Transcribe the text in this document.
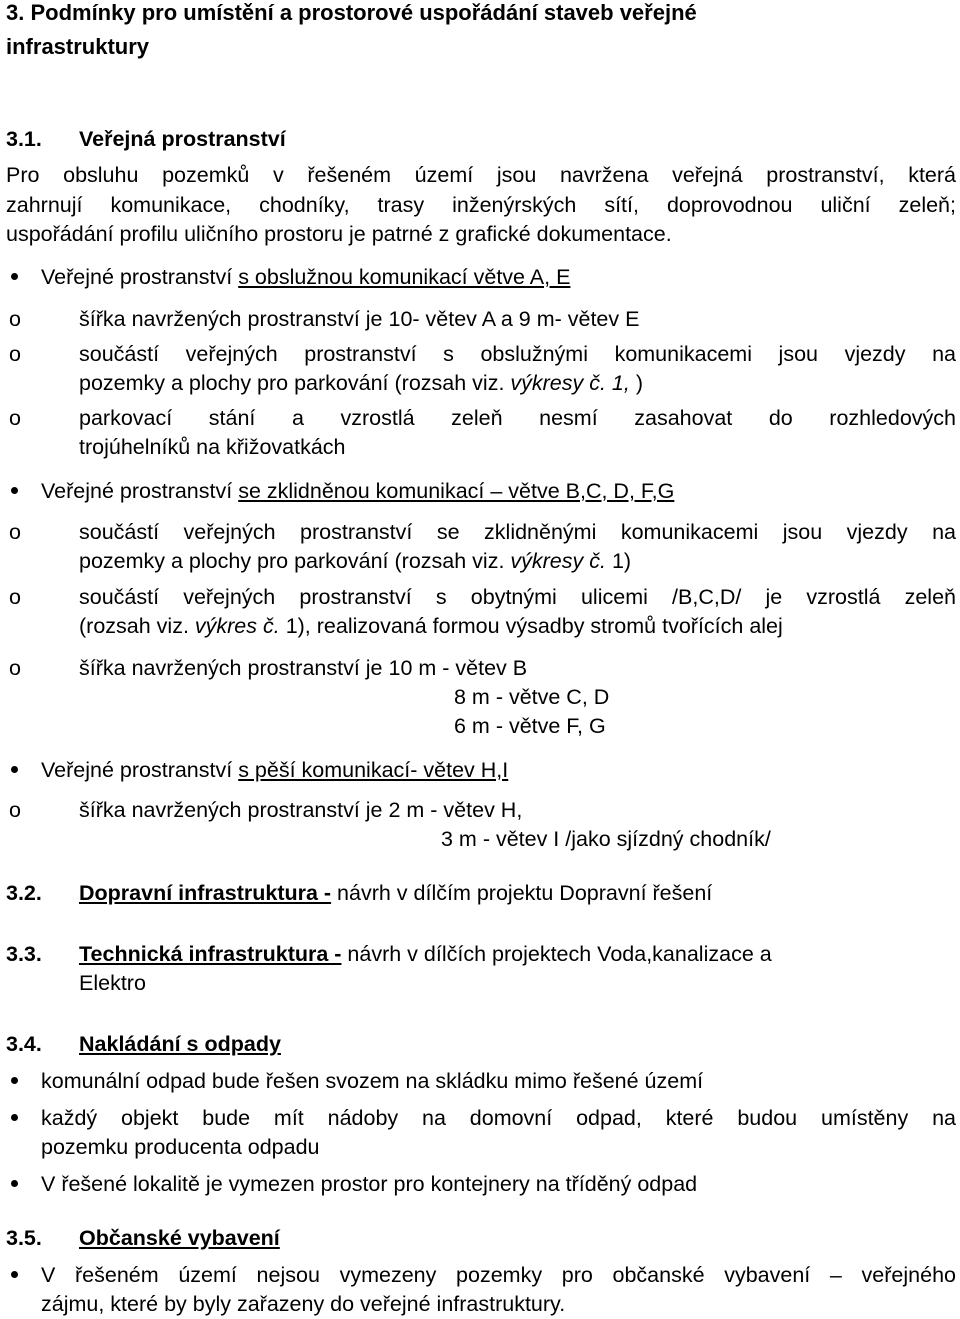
3. Podmínky pro umístění a prostorové uspořádání staveb veřejné
infrastruktury
3.1. Veřejná prostranství
Pro obsluhu pozemků v řešeném území jsou navržena veřejná prostranství, která
zahrnují komunikace, chodníky, trasy inženýrských sítí, doprovodnou uliční zeleň;
uspořádání profilu uličního prostoru je patrné z grafické dokumentace.
Veřejné prostranství s obslužnou komunikací větve A, E
o	šířka navržených prostranství je 10- větev A a 9 m- větev E
o	součástí veřejných prostranství s obslužnými komunikacemi jsou vjezdy na
pozemky a plochy pro parkování (rozsah viz. výkresy č. 1, )
o	parkovací stání a vzrostlá zeleň nesmí zasahovat do rozhledových
trojúhelníků na křižovatkách
Veřejné prostranství se zklidněnou komunikací – větve B,C, D, F,G
o	součástí veřejných prostranství se zklidněnými komunikacemi jsou vjezdy na
pozemky a plochy pro parkování (rozsah viz. výkresy č. 1)
o	součástí veřejných prostranství s obytnými ulicemi /B,C,D/ je vzrostlá zeleň
(rozsah viz. výkres č. 1), realizovaná formou výsadby stromů tvořících alej
o	šířka navržených prostranství je 10 m - větev B
8 m - větve C, D
6 m - větve F, G
Veřejné prostranství s pěší komunikací- větev H,I
o	šířka navržených prostranství je 2 m - větev H,
3 m - větev I /jako sjízdný chodník/
3.2. Dopravní infrastruktura - návrh v dílčím projektu Dopravní řešení
3.3. Technická infrastruktura - návrh v dílčích projektech Voda,kanalizace a
Elektro
3.4. Nakládání s odpady
komunální odpad bude řešen svozem na skládku mimo řešené území
každý objekt bude mít nádoby na domovní odpad, které budou umístěny na
pozemku producenta odpadu
V řešené lokalitě je vymezen prostor pro kontejnery na tříděný odpad
3.5. Občanské vybavení
V řešeném území nejsou vymezeny pozemky pro občanské vybavení – veřejného
zájmu, které by byly zařazeny do veřejné infrastruktury.
